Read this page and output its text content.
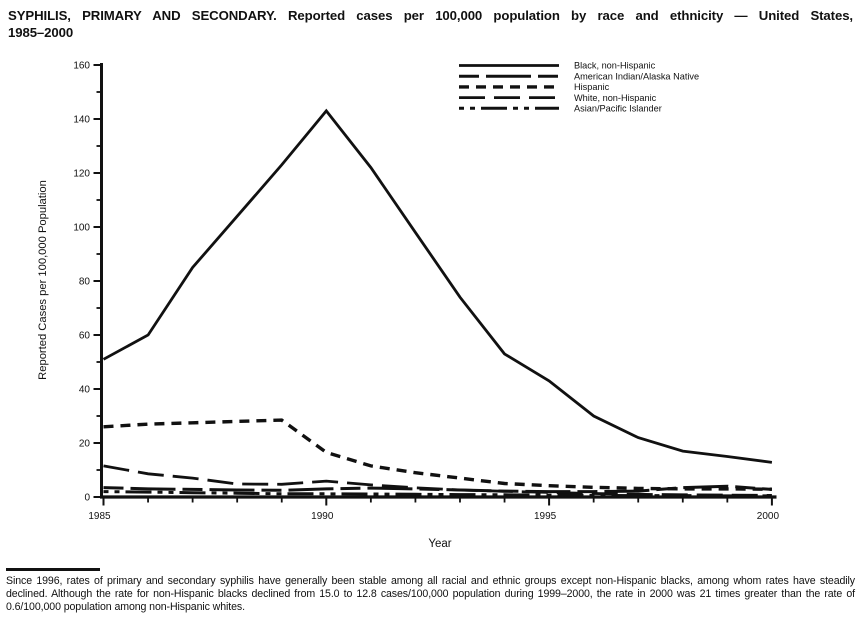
SYPHILIS, PRIMARY AND SECONDARY. Reported cases per 100,000 population by race and ethnicity — United States,
1985–2000
0
20
40
60
80
100
120
140
160
1985	1990	1995	2000
Reported Cases per 100,000 Population
Year
Black, non-Hispanic
American Indian/Alaska Native
Hispanic
White, non-Hispanic
Asian/Pacific Islander
Since 1996, rates of primary and secondary syphilis have generally been stable among all racial and ethnic groups except non-Hispanic blacks, among whom rates have steadily declined. Although the rate for non-Hispanic blacks declined from 15.0 to 12.8 cases/100,000 population during 1999–2000, the rate in 2000 was 21 times greater than the rate of 0.6/100,000 population among non-Hispanic whites.
